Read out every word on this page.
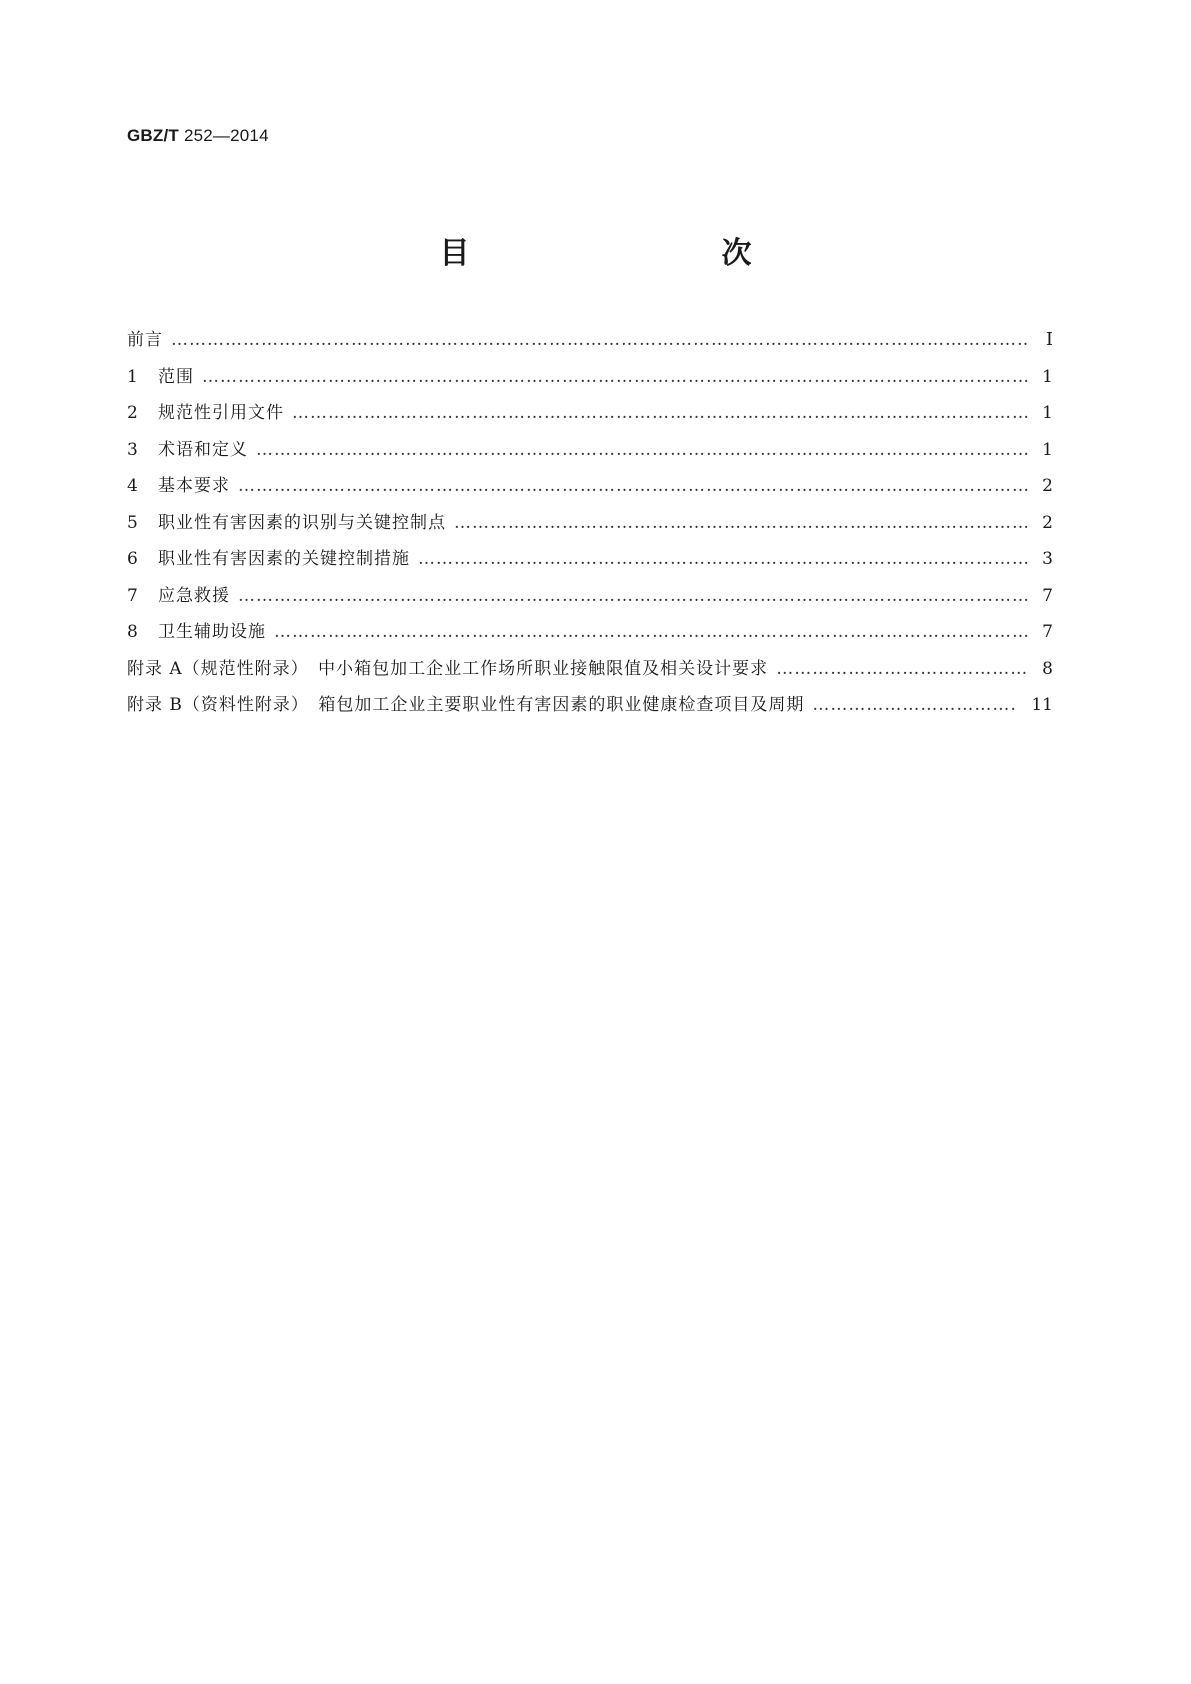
GBZ/T 252—2014
目　　次
前言 …………………………………………………………………………………………………………………………………………………………………………………………………………………………	Ⅰ
1	范围 …………………………………………………………………………………………………………………………………………………………………………………………………………………………	1
2	规范性引用文件 …………………………………………………………………………………………………………………………………………………………………………………………………………………………	1
3	术语和定义 …………………………………………………………………………………………………………………………………………………………………………………………………………………………	1
4	基本要求 …………………………………………………………………………………………………………………………………………………………………………………………………………………………	2
5	职业性有害因素的识别与关键控制点 …………………………………………………………………………………………………………………………………………………………………………………………………………………………	2
6	职业性有害因素的关键控制措施 …………………………………………………………………………………………………………………………………………………………………………………………………………………………	3
7	应急救援 …………………………………………………………………………………………………………………………………………………………………………………………………………………………	7
8	卫生辅助设施 …………………………………………………………………………………………………………………………………………………………………………………………………………………………	7
附录 A（规范性附录）　中小箱包加工企业工作场所职业接触限值及相关设计要求 …………………………………………………………………………………………………………………………………………………………………………………………………………………………	8
附录 B（资料性附录）　箱包加工企业主要职业性有害因素的职业健康检查项目及周期 …………………………………………………………………………………………………………………………………………………………………………………………………………………………	11
